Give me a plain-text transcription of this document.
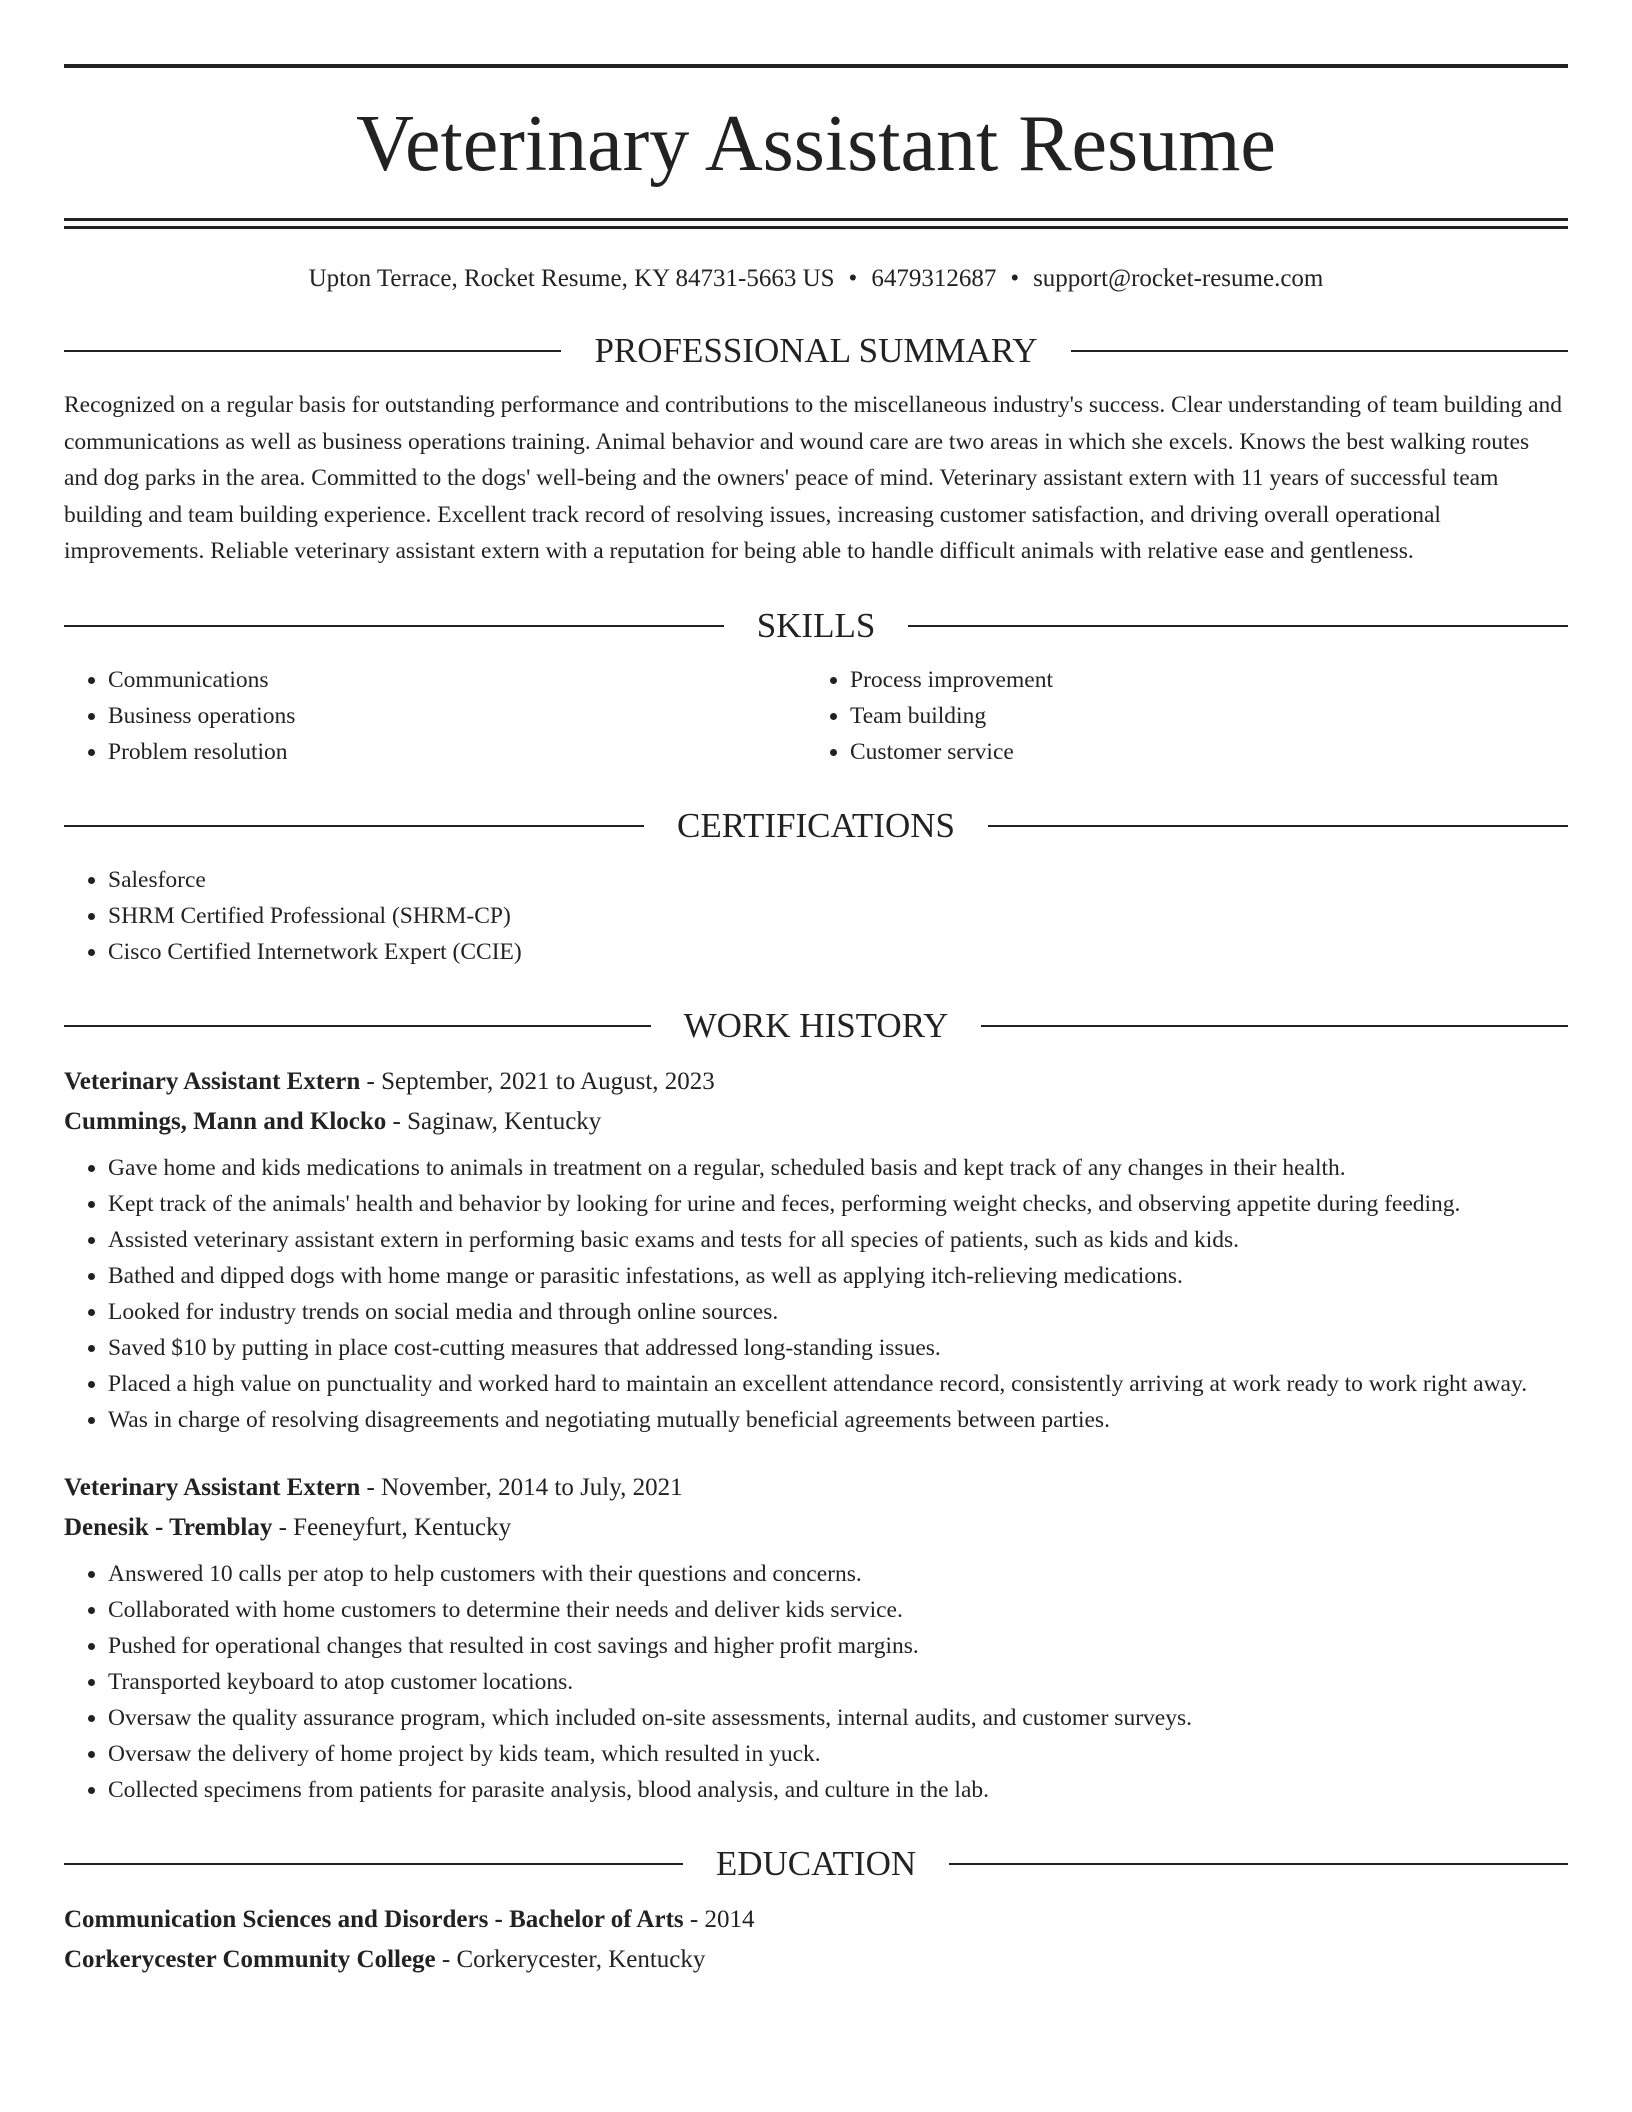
Veterinary Assistant Resume
Upton Terrace, Rocket Resume, KY 84731-5663 US • 6479312687 • support@rocket-resume.com
PROFESSIONAL SUMMARY

Recognized on a regular basis for outstanding performance and contributions to the miscellaneous industry's success. Clear understanding of team building and communications as well as business operations training. Animal behavior and wound care are two areas in which she excels. Knows the best walking routes and dog parks in the area. Committed to the dogs' well-being and the owners' peace of mind. Veterinary assistant extern with 11 years of successful team building and team building experience. Excellent track record of resolving issues, increasing customer satisfaction, and driving overall operational improvements. Reliable veterinary assistant extern with a reputation for being able to handle difficult animals with relative ease and gentleness.

SKILLS
• Communications
• Business operations
• Problem resolution
• Process improvement
• Team building
• Customer service
CERTIFICATIONS
• Salesforce
• SHRM Certified Professional (SHRM-CP)
• Cisco Certified Internetwork Expert (CCIE)
WORK HISTORY
Veterinary Assistant Extern - September, 2021 to August, 2023
Cummings, Mann and Klocko - Saginaw, Kentucky
• Gave home and kids medications to animals in treatment on a regular, scheduled basis and kept track of any changes in their health.
• Kept track of the animals' health and behavior by looking for urine and feces, performing weight checks, and observing appetite during feeding.
• Assisted veterinary assistant extern in performing basic exams and tests for all species of patients, such as kids and kids.
• Bathed and dipped dogs with home mange or parasitic infestations, as well as applying itch-relieving medications.
• Looked for industry trends on social media and through online sources.
• Saved $10 by putting in place cost-cutting measures that addressed long-standing issues.
• Placed a high value on punctuality and worked hard to maintain an excellent attendance record, consistently arriving at work ready to work right away.
• Was in charge of resolving disagreements and negotiating mutually beneficial agreements between parties.
Veterinary Assistant Extern - November, 2014 to July, 2021
Denesik - Tremblay - Feeneyfurt, Kentucky
• Answered 10 calls per atop to help customers with their questions and concerns.
• Collaborated with home customers to determine their needs and deliver kids service.
• Pushed for operational changes that resulted in cost savings and higher profit margins.
• Transported keyboard to atop customer locations.
• Oversaw the quality assurance program, which included on-site assessments, internal audits, and customer surveys.
• Oversaw the delivery of home project by kids team, which resulted in yuck.
• Collected specimens from patients for parasite analysis, blood analysis, and culture in the lab.
EDUCATION
Communication Sciences and Disorders - Bachelor of Arts - 2014
Corkerycester Community College - Corkerycester, Kentucky
